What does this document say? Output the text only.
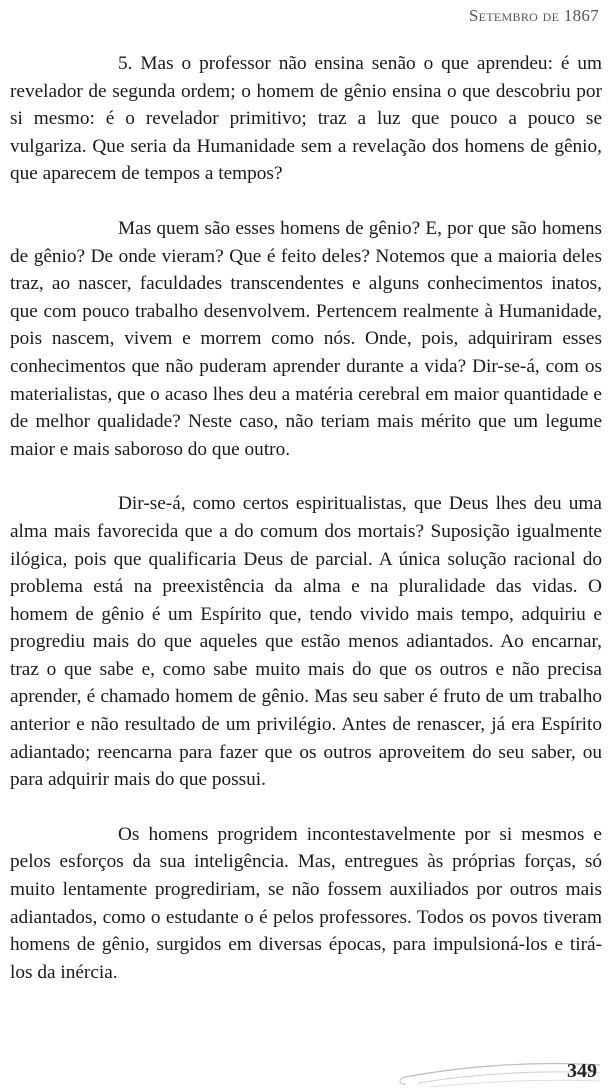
Setembro de 1867

5. Mas o professor não ensina senão o que aprendeu: é um revelador de segunda ordem; o homem de gênio ensina o que descobriu por si mesmo: é o revelador primitivo; traz a luz que pouco a pouco se vulgariza. Que seria da Humanidade sem a revelação dos homens de gênio, que aparecem de tempos a tempos?

Mas quem são esses homens de gênio? E, por que são homens de gênio? De onde vieram? Que é feito deles? Notemos que a maioria deles traz, ao nascer, faculdades transcendentes e alguns conhecimentos inatos, que com pouco trabalho desenvolvem. Pertencem realmente à Humanidade, pois nascem, vivem e morrem como nós. Onde, pois, adquiriram esses conhecimentos que não puderam aprender durante a vida? Dir-se-á, com os materialistas, que o acaso lhes deu a matéria cerebral em maior quantidade e de melhor qualidade? Neste caso, não teriam mais mérito que um legume maior e mais saboroso do que outro.

Dir-se-á, como certos espiritualistas, que Deus lhes deu uma alma mais favorecida que a do comum dos mortais? Suposição igualmente ilógica, pois que qualificaria Deus de parcial. A única solução racional do problema está na preexistência da alma e na pluralidade das vidas. O homem de gênio é um Espírito que, tendo vivido mais tempo, adquiriu e progrediu mais do que aqueles que estão menos adiantados. Ao encarnar, traz o que sabe e, como sabe muito mais do que os outros e não precisa aprender, é chamado homem de gênio. Mas seu saber é fruto de um trabalho anterior e não resultado de um privilégio. Antes de renascer, já era Espírito adiantado; reencarna para fazer que os outros aproveitem do seu saber, ou para adquirir mais do que possui.

Os homens progridem incontestavelmente por si mesmos e pelos esforços da sua inteligência. Mas, entregues às próprias forças, só muito lentamente progrediriam, se não fossem auxiliados por outros mais adiantados, como o estudante o é pelos professores. Todos os povos tiveram homens de gênio, surgidos em diversas épocas, para impulsioná-los e tirá-los da inércia.

349
